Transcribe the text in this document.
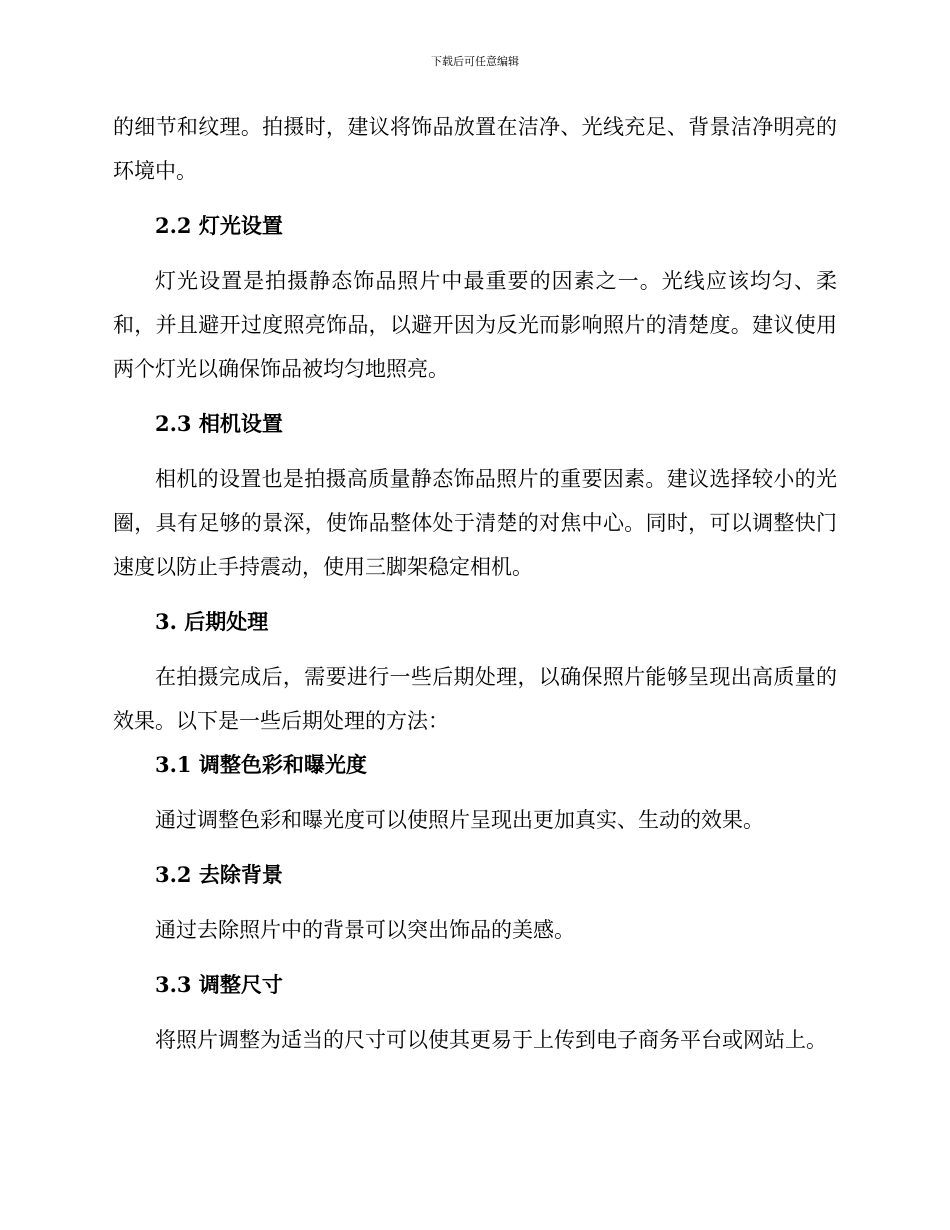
下载后可任意编辑

的细节和纹理。拍摄时，建议将饰品放置在洁净、光线充足、背景洁净明亮的环境中。

2.2 灯光设置

灯光设置是拍摄静态饰品照片中最重要的因素之一。光线应该均匀、柔和，并且避开过度照亮饰品，以避开因为反光而影响照片的清楚度。建议使用两个灯光以确保饰品被均匀地照亮。

2.3 相机设置

相机的设置也是拍摄高质量静态饰品照片的重要因素。建议选择较小的光圈，具有足够的景深，使饰品整体处于清楚的对焦中心。同时，可以调整快门速度以防止手持震动，使用三脚架稳定相机。

3. 后期处理

在拍摄完成后，需要进行一些后期处理，以确保照片能够呈现出高质量的效果。以下是一些后期处理的方法：

3.1 调整色彩和曝光度

通过调整色彩和曝光度可以使照片呈现出更加真实、生动的效果。

3.2 去除背景

通过去除照片中的背景可以突出饰品的美感。

3.3 调整尺寸

将照片调整为适当的尺寸可以使其更易于上传到电子商务平台或网站上。
